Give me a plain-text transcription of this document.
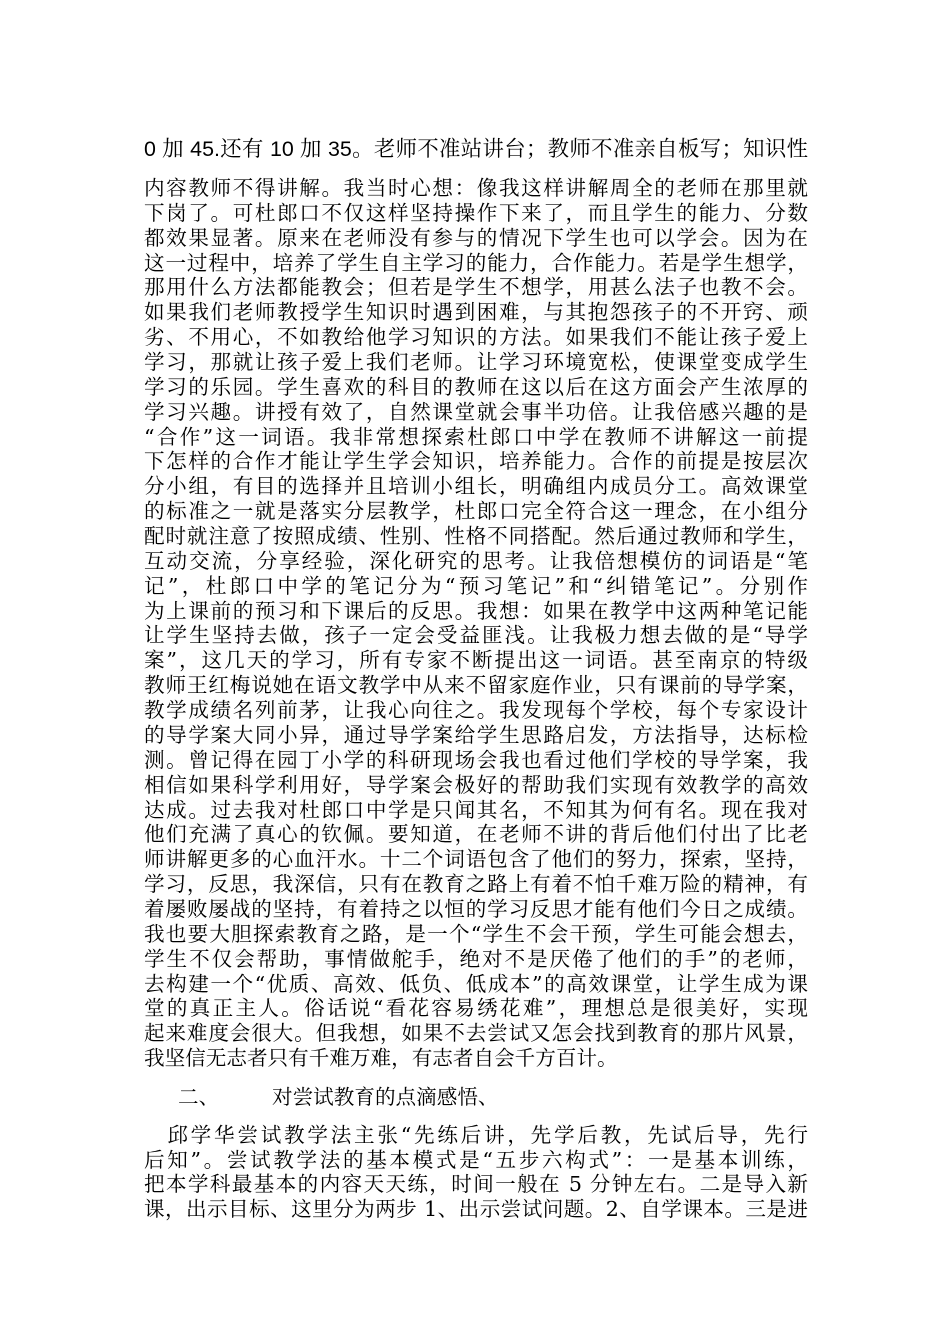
0 加 45.还有 10 加 35。老师不准站讲台；教师不准亲自板写；知识性
内容教师不得讲解。我当时心想：像我这样讲解周全的老师在那里就
下岗了。可杜郎口不仅这样坚持操作下来了，而且学生的能力、分数
都效果显著。原来在老师没有参与的情况下学生也可以学会。因为在
这一过程中，培养了学生自主学习的能力，合作能力。若是学生想学，
那用什么方法都能教会；但若是学生不想学，用甚么法子也教不会。
如果我们老师教授学生知识时遇到困难，与其抱怨孩子的不开窍、顽
劣、不用心，不如教给他学习知识的方法。如果我们不能让孩子爱上
学习，那就让孩子爱上我们老师。让学习环境宽松，使课堂变成学生
学习的乐园。学生喜欢的科目的教师在这以后在这方面会产生浓厚的
学习兴趣。讲授有效了，自然课堂就会事半功倍。让我倍感兴趣的是
“合作”这一词语。我非常想探索杜郎口中学在教师不讲解这一前提
下怎样的合作才能让学生学会知识，培养能力。合作的前提是按层次
分小组，有目的选择并且培训小组长，明确组内成员分工。高效课堂
的标准之一就是落实分层教学，杜郎口完全符合这一理念，在小组分
配时就注意了按照成绩、性别、性格不同搭配。然后通过教师和学生，
互动交流，分享经验，深化研究的思考。让我倍想模仿的词语是“笔
记”，杜郎口中学的笔记分为“预习笔记”和“纠错笔记”。分别作
为上课前的预习和下课后的反思。我想：如果在教学中这两种笔记能
让学生坚持去做，孩子一定会受益匪浅。让我极力想去做的是“导学
案”，这几天的学习，所有专家不断提出这一词语。甚至南京的特级
教师王红梅说她在语文教学中从来不留家庭作业，只有课前的导学案，
教学成绩名列前茅，让我心向往之。我发现每个学校，每个专家设计
的导学案大同小异，通过导学案给学生思路启发，方法指导，达标检
测。曾记得在园丁小学的科研现场会我也看过他们学校的导学案，我
相信如果科学利用好，导学案会极好的帮助我们实现有效教学的高效
达成。过去我对杜郎口中学是只闻其名，不知其为何有名。现在我对
他们充满了真心的钦佩。要知道，在老师不讲的背后他们付出了比老
师讲解更多的心血汗水。十二个词语包含了他们的努力，探索，坚持，
学习，反思，我深信，只有在教育之路上有着不怕千难万险的精神，有
着屡败屡战的坚持，有着持之以恒的学习反思才能有他们今日之成绩。
我也要大胆探索教育之路，是一个“学生不会干预，学生可能会想去，
学生不仅会帮助，事情做舵手，绝对不是厌倦了他们的手”的老师，
去构建一个“优质、高效、低负、低成本”的高效课堂，让学生成为课
堂的真正主人。俗话说“看花容易绣花难”，理想总是很美好，实现
起来难度会很大。但我想，如果不去尝试又怎会找到教育的那片风景，
我坚信无志者只有千难万难，有志者自会千方百计。
二、	对尝试教育的点滴感悟、
　邱学华尝试教学法主张“先练后讲，先学后教，先试后导，先行
后知”。尝试教学法的基本模式是“五步六构式”：一是基本训练，
把本学科最基本的内容天天练，时间一般在 5 分钟左右。二是导入新
课，出示目标、这里分为两步 1、出示尝试问题。2、自学课本。三是进
